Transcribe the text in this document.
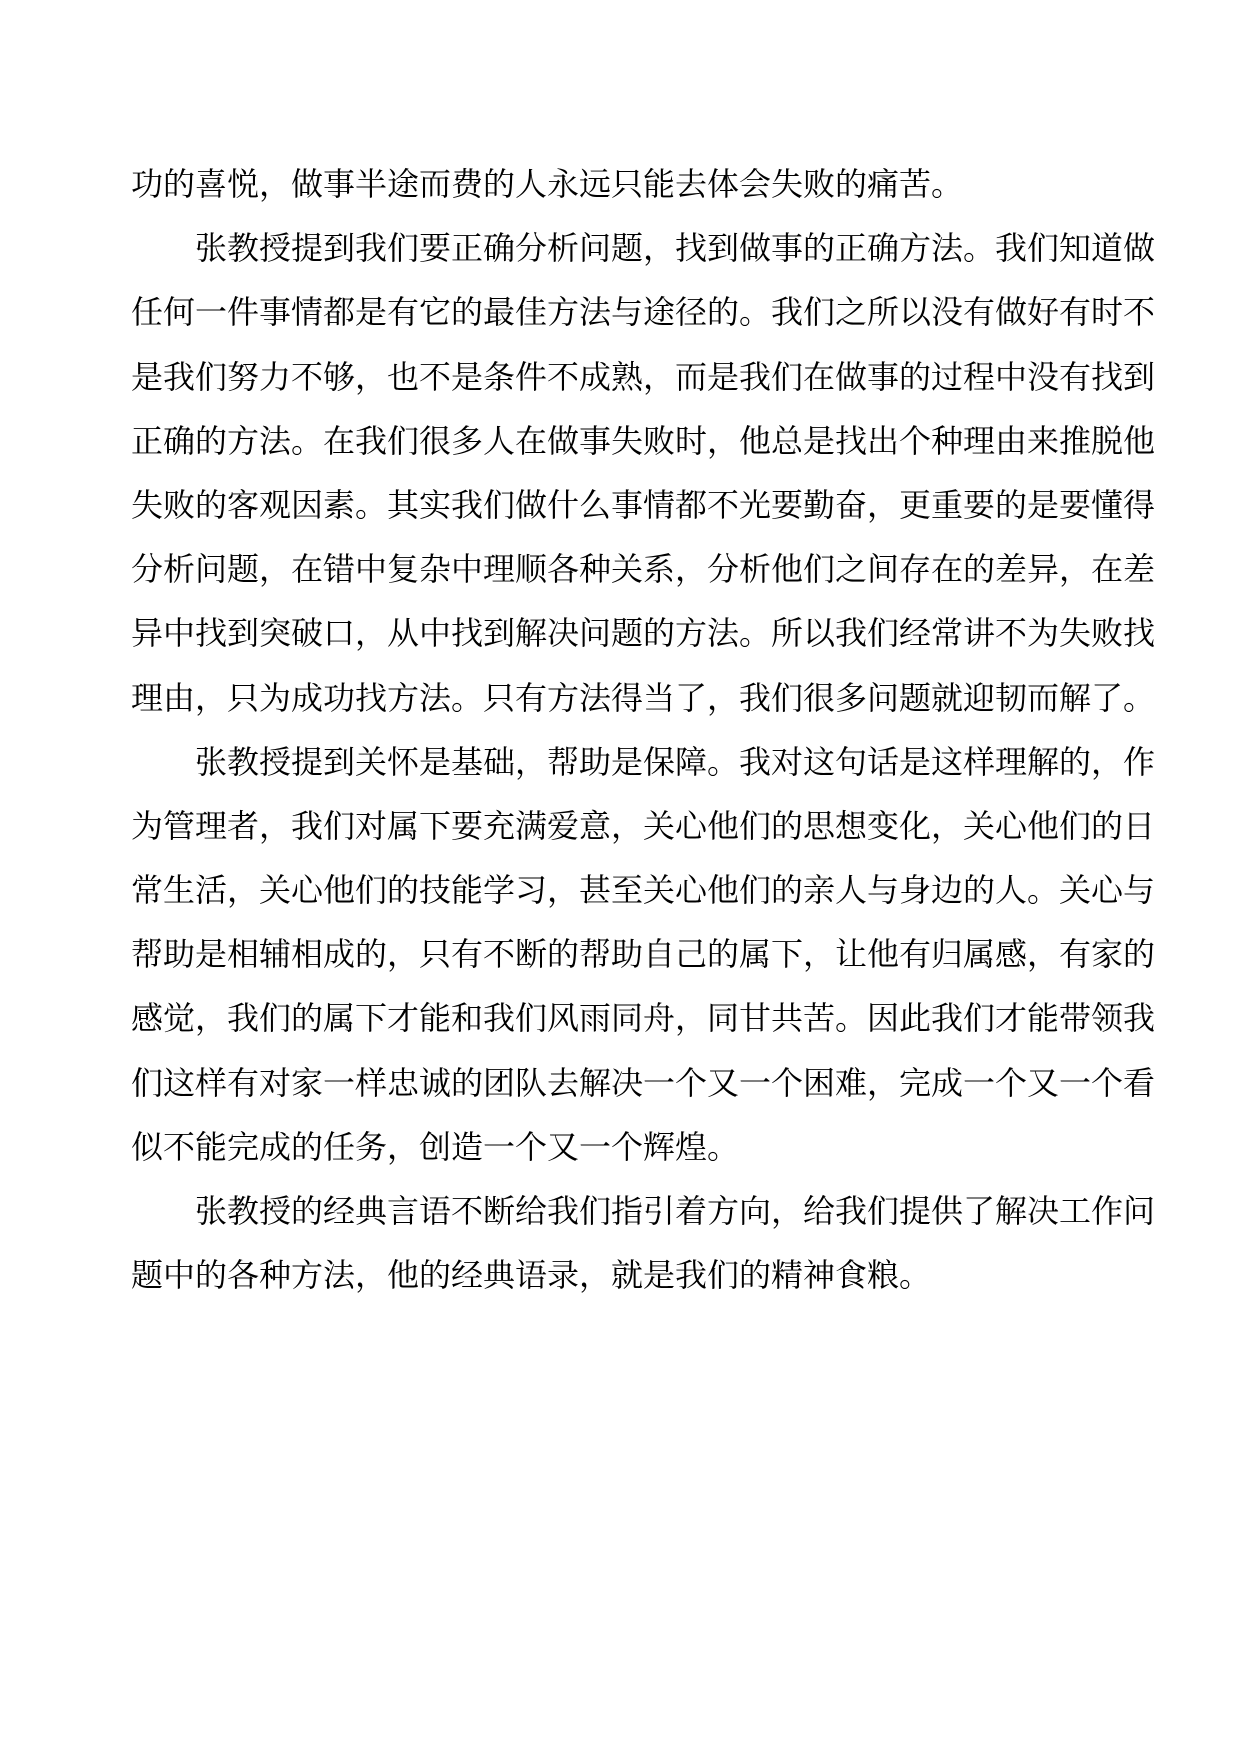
功的喜悦，做事半途而费的人永远只能去体会失败的痛苦。
张教授提到我们要正确分析问题，找到做事的正确方法。我们知道做
任何一件事情都是有它的最佳方法与途径的。我们之所以没有做好有时不
是我们努力不够，也不是条件不成熟，而是我们在做事的过程中没有找到
正确的方法。在我们很多人在做事失败时，他总是找出个种理由来推脱他
失败的客观因素。其实我们做什么事情都不光要勤奋，更重要的是要懂得
分析问题，在错中复杂中理顺各种关系，分析他们之间存在的差异，在差
异中找到突破口，从中找到解决问题的方法。所以我们经常讲不为失败找
理由，只为成功找方法。只有方法得当了，我们很多问题就迎韧而解了。
张教授提到关怀是基础，帮助是保障。我对这句话是这样理解的，作
为管理者，我们对属下要充满爱意，关心他们的思想变化，关心他们的日
常生活，关心他们的技能学习，甚至关心他们的亲人与身边的人。关心与
帮助是相辅相成的，只有不断的帮助自己的属下，让他有归属感，有家的
感觉，我们的属下才能和我们风雨同舟，同甘共苦。因此我们才能带领我
们这样有对家一样忠诚的团队去解决一个又一个困难，完成一个又一个看
似不能完成的任务，创造一个又一个辉煌。
张教授的经典言语不断给我们指引着方向，给我们提供了解决工作问
题中的各种方法，他的经典语录，就是我们的精神食粮。
